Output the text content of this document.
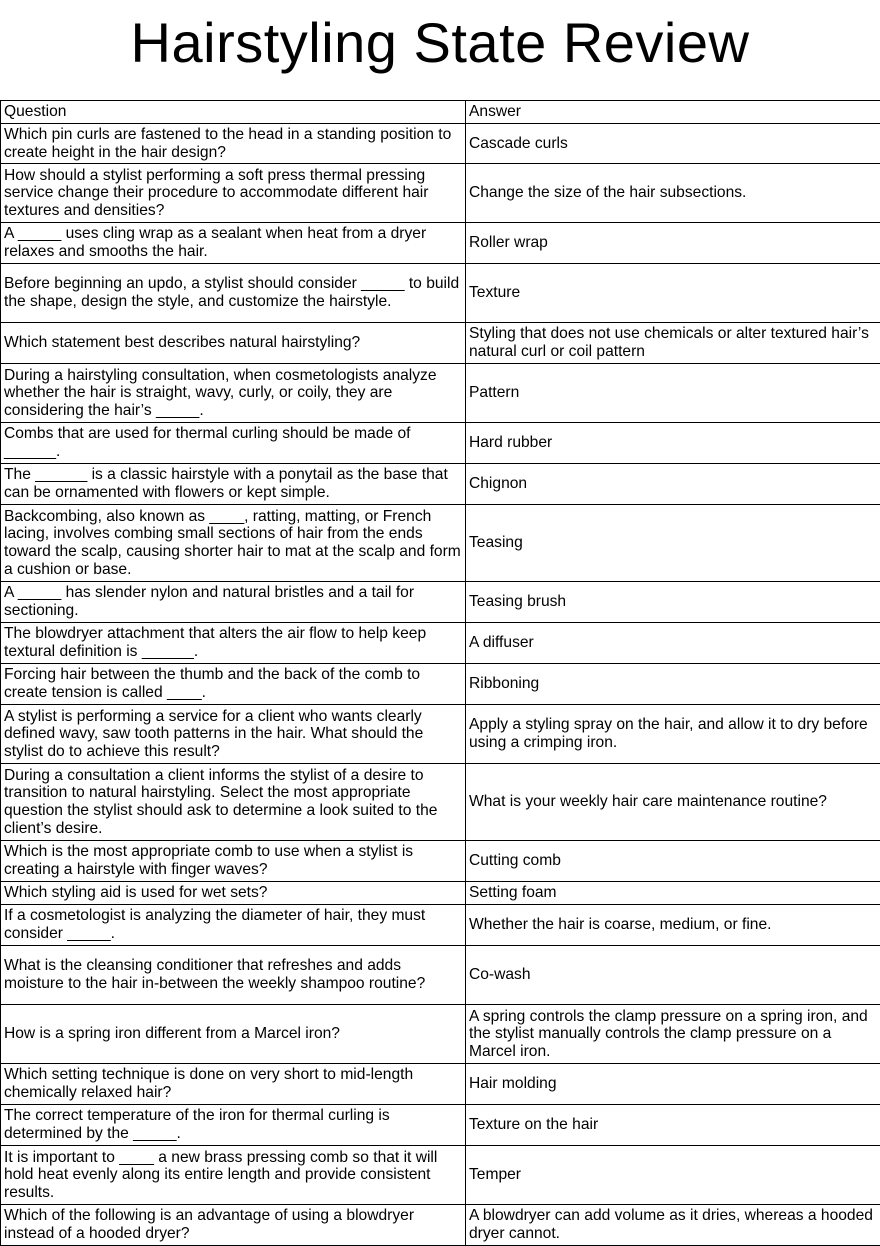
Hairstyling State Review
Question	Answer
Which pin curls are fastened to the head in a standing position to create height in the hair design?	Cascade curls
How should a stylist performing a soft press thermal pressing service change their procedure to accommodate different hair textures and densities?	Change the size of the hair subsections.
A _____ uses cling wrap as a sealant when heat from a dryer relaxes and smooths the hair.	Roller wrap
Before beginning an updo, a stylist should consider _____ to build the shape, design the style, and customize the hairstyle.	Texture
Which statement best describes natural hairstyling?	Styling that does not use chemicals or alter textured hair’s natural curl or coil pattern
During a hairstyling consultation, when cosmetologists analyze whether the hair is straight, wavy, curly, or coily, they are considering the hair’s _____.	Pattern
Combs that are used for thermal curling should be made of ______.	Hard rubber
The ______ is a classic hairstyle with a ponytail as the base that can be ornamented with flowers or kept simple.	Chignon
Backcombing, also known as ____, ratting, matting, or French lacing, involves combing small sections of hair from the ends toward the scalp, causing shorter hair to mat at the scalp and form a cushion or base.	Teasing
A _____ has slender nylon and natural bristles and a tail for sectioning.	Teasing brush
The blowdryer attachment that alters the air flow to help keep textural definition is ______.	A diffuser
Forcing hair between the thumb and the back of the comb to create tension is called ____.	Ribboning
A stylist is performing a service for a client who wants clearly defined wavy, saw tooth patterns in the hair. What should the stylist do to achieve this result?	Apply a styling spray on the hair, and allow it to dry before using a crimping iron.
During a consultation a client informs the stylist of a desire to transition to natural hairstyling. Select the most appropriate question the stylist should ask to determine a look suited to the client’s desire.	What is your weekly hair care maintenance routine?
Which is the most appropriate comb to use when a stylist is creating a hairstyle with finger waves?	Cutting comb
Which styling aid is used for wet sets?	Setting foam
If a cosmetologist is analyzing the diameter of hair, they must consider _____.	Whether the hair is coarse, medium, or fine.
What is the cleansing conditioner that refreshes and adds moisture to the hair in-between the weekly shampoo routine?	Co-wash
How is a spring iron different from a Marcel iron?	A spring controls the clamp pressure on a spring iron, and the stylist manually controls the clamp pressure on a Marcel iron.
Which setting technique is done on very short to mid-length chemically relaxed hair?	Hair molding
The correct temperature of the iron for thermal curling is determined by the _____.	Texture on the hair
It is important to ____ a new brass pressing comb so that it will hold heat evenly along its entire length and provide consistent results.	Temper
Which of the following is an advantage of using a blowdryer instead of a hooded dryer?	A blowdryer can add volume as it dries, whereas a hooded dryer cannot.
